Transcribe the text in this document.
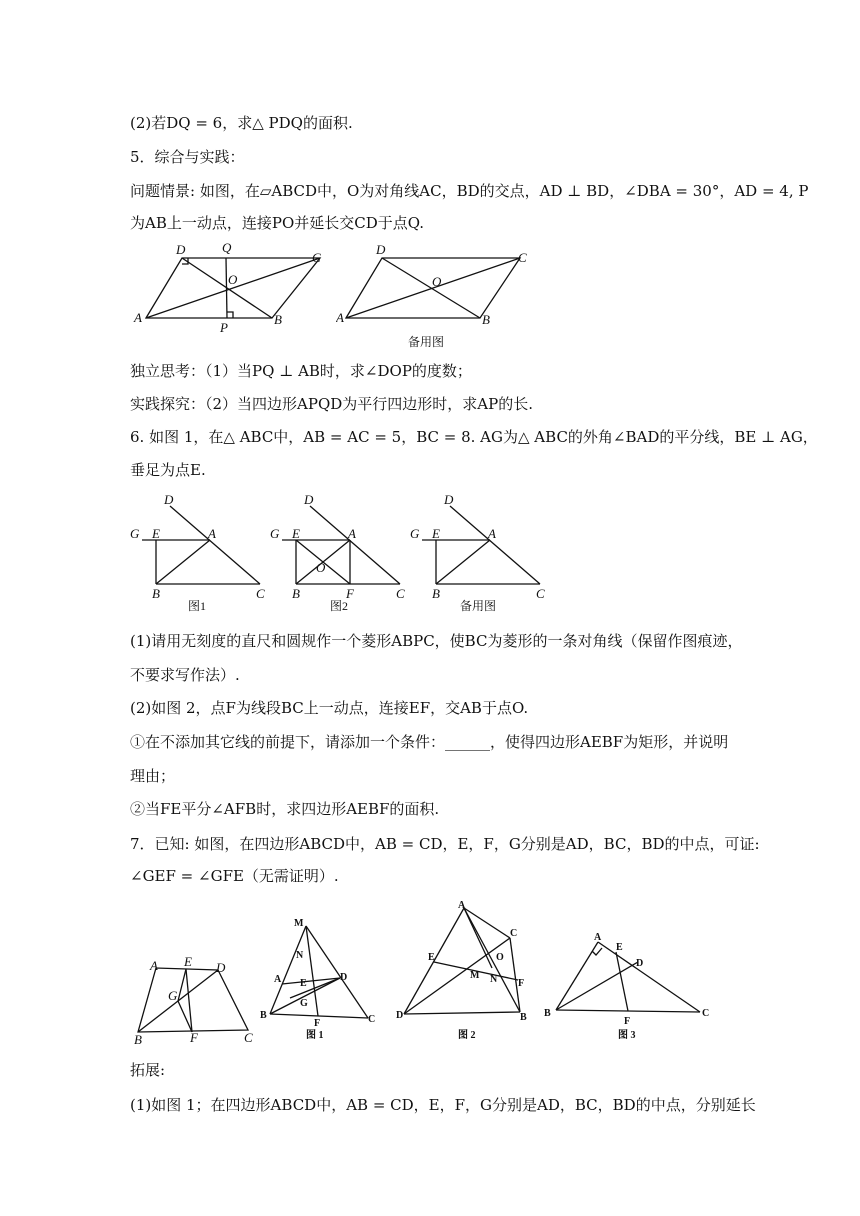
(2)若DQ = 6，求△ PDQ的面积.
5．综合与实践：
问题情景: 如图，在▱ABCD中，O为对角线AC，BD的交点，AD ⊥ BD，∠DBA = 30°，AD = 4, P
为AB上一动点，连接PO并延长交CD于点Q.
D	Q
C
O
A
P
B
D
C
O
A	B
备用图
独立思考：（1）当PQ ⊥ AB时，求∠DOP的度数；
实践探究：（2）当四边形APQD为平行四边形时，求AP的长.
6. 如图 1，在△ ABC中，AB = AC = 5，BC = 8. AG为△ ABC的外角∠BAD的平分线，BE ⊥ AG，
垂足为点E.
D
G E	A
B	C
图1
D
G E	A
O
B	F	C
图2
D
G E	A
B	C
备用图
(1)请用无刻度的直尺和圆规作一个菱形ABPC，使BC为菱形的一条对角线（保留作图痕迹，
不要求写作法）.
(2)如图 2，点F为线段BC上一动点，连接EF，交AB于点O.
①在不添加其它线的前提下，请添加一个条件：______，使得四边形AEBF为矩形，并说明
理由；
②当FE平分∠AFB时，求四边形AEBF的面积.
7．已知: 如图，在四边形ABCD中，AB = CD，E，F，G分别是AD，BC，BD的中点，可证:
∠GEF = ∠GFE（无需证明）.
A E D
G
B	F	C
M
N
A	D
E
G
B
F	C
图 1
A
E
C
O
M N F
D	B
图 2
A
E
D
B
F
C
图 3
拓展:
(1)如图 1；在四边形ABCD中，AB = CD，E，F，G分别是AD，BC，BD的中点，分别延长
